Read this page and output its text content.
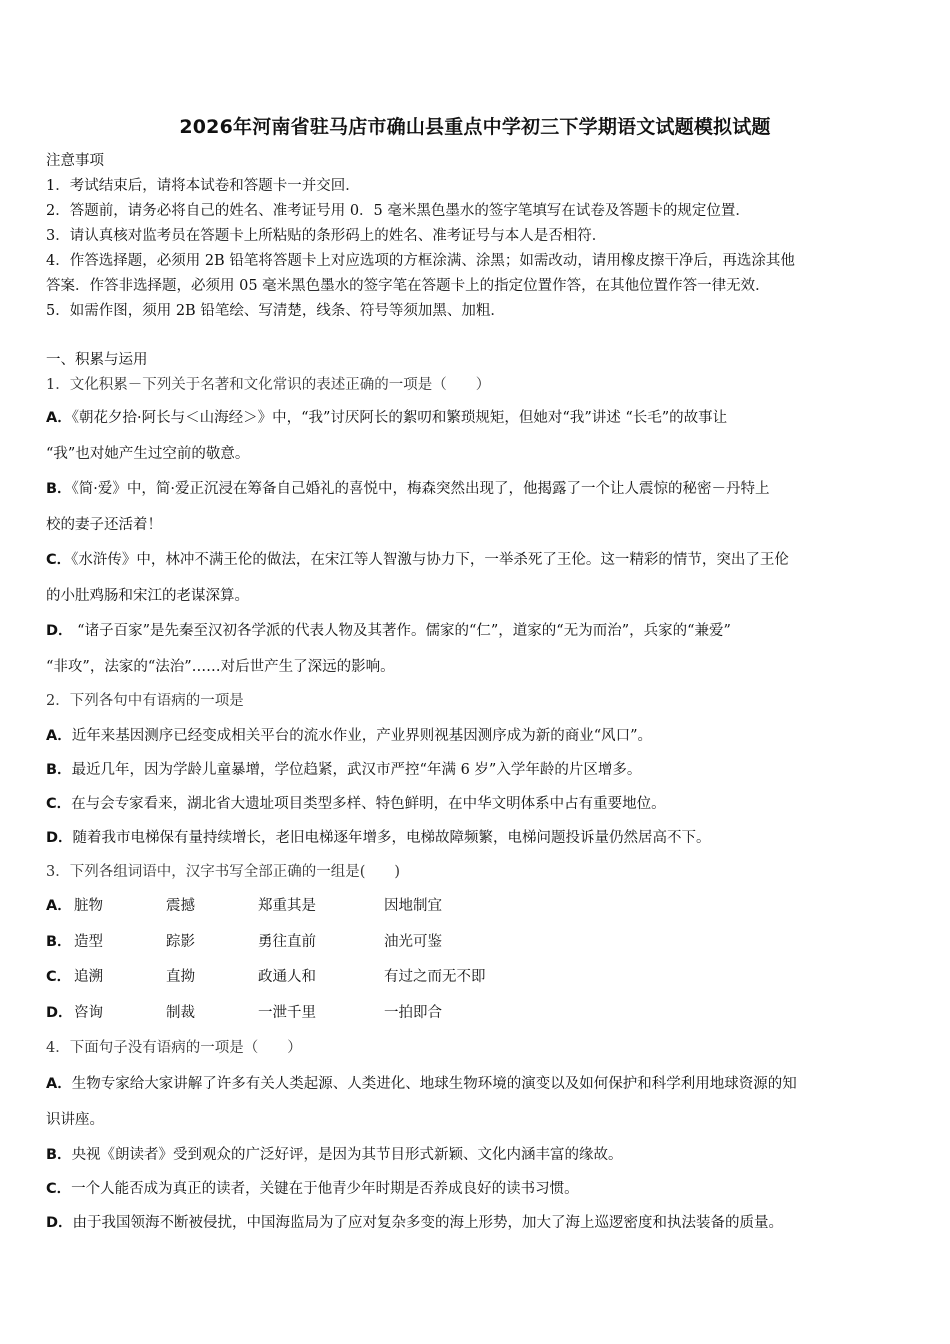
2026年河南省驻马店市确山县重点中学初三下学期语文试题模拟试题
注意事项
1．考试结束后，请将本试卷和答题卡一并交回．
2．答题前，请务必将自己的姓名、准考证号用 0．5 毫米黑色墨水的签字笔填写在试卷及答题卡的规定位置．
3．请认真核对监考员在答题卡上所粘贴的条形码上的姓名、准考证号与本人是否相符．
4．作答选择题，必须用 2B 铅笔将答题卡上对应选项的方框涂满、涂黑；如需改动，请用橡皮擦干净后，再选涂其他
答案．作答非选择题，必须用 05 毫米黑色墨水的签字笔在答题卡上的指定位置作答，在其他位置作答一律无效．
5．如需作图，须用 2B 铅笔绘、写清楚，线条、符号等须加黑、加粗．
一、积累与运用
1．文化积累－下列关于名著和文化常识的表述正确的一项是（　　）
A．《朝花夕拾·阿长与＜山海经＞》中，“我”讨厌阿长的絮叨和繁琐规矩，但她对“我”讲述 “长毛”的故事让
“我”也对她产生过空前的敬意。
B．《简·爱》中，简·爱正沉浸在筹备自己婚礼的喜悦中，梅森突然出现了，他揭露了一个让人震惊的秘密－丹特上
校的妻子还活着！
C．《水浒传》中，林冲不满王伦的做法，在宋江等人智激与协力下，一举杀死了王伦。这一精彩的情节，突出了王伦
的小肚鸡肠和宋江的老谋深算。
D． “诸子百家”是先秦至汉初各学派的代表人物及其著作。儒家的“仁”，道家的“无为而治”，兵家的“兼爱”
“非攻”，法家的“法治”……对后世产生了深远的影响。
2．下列各句中有语病的一项是
A．近年来基因测序已经变成相关平台的流水作业，产业界则视基因测序成为新的商业“风口”。
B．最近几年，因为学龄儿童暴增，学位趋紧，武汉市严控“年满 6 岁”入学年龄的片区增多。
C．在与会专家看来，湖北省大遗址项目类型多样、特色鲜明，在中华文明体系中占有重要地位。
D．随着我市电梯保有量持续增长，老旧电梯逐年增多，电梯故障频繁，电梯问题投诉量仍然居高不下。
3．下列各组词语中，汉字书写全部正确的一组是(　　)
A． 脏物	震撼	郑重其是	因地制宜
B． 造型	踪影	勇往直前	油光可鉴
C． 追溯	直拗	政通人和	有过之而无不即
D． 咨询	制裁	一泄千里	一拍即合
4．下面句子没有语病的一项是（　　）
A．生物专家给大家讲解了许多有关人类起源、人类进化、地球生物环境的演变以及如何保护和科学利用地球资源的知
识讲座。
B．央视《朗读者》受到观众的广泛好评，是因为其节目形式新颖、文化内涵丰富的缘故。
C．一个人能否成为真正的读者，关键在于他青少年时期是否养成良好的读书习惯。
D．由于我国领海不断被侵扰，中国海监局为了应对复杂多变的海上形势，加大了海上巡逻密度和执法装备的质量。
